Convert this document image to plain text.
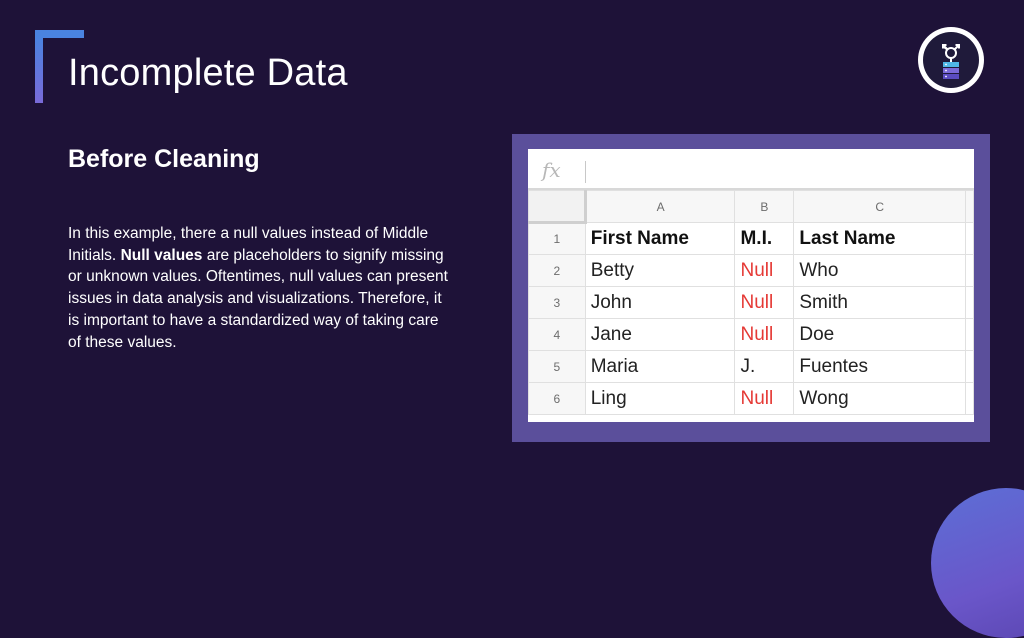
Incomplete Data
Before Cleaning

In this example, there a null values instead of Middle Initials. Null values are placeholders to signify missing or unknown values. Oftentimes, null values can present issues in data analysis and visualizations. Therefore, it is important to have a standardized way of taking care of these values.

fx
	A	B	C	
1	First Name	M.I.	Last Name	
2	Betty	Null	Who	
3	John	Null	Smith	
4	Jane	Null	Doe	
5	Maria	J.	Fuentes	
6	Ling	Null	Wong	
